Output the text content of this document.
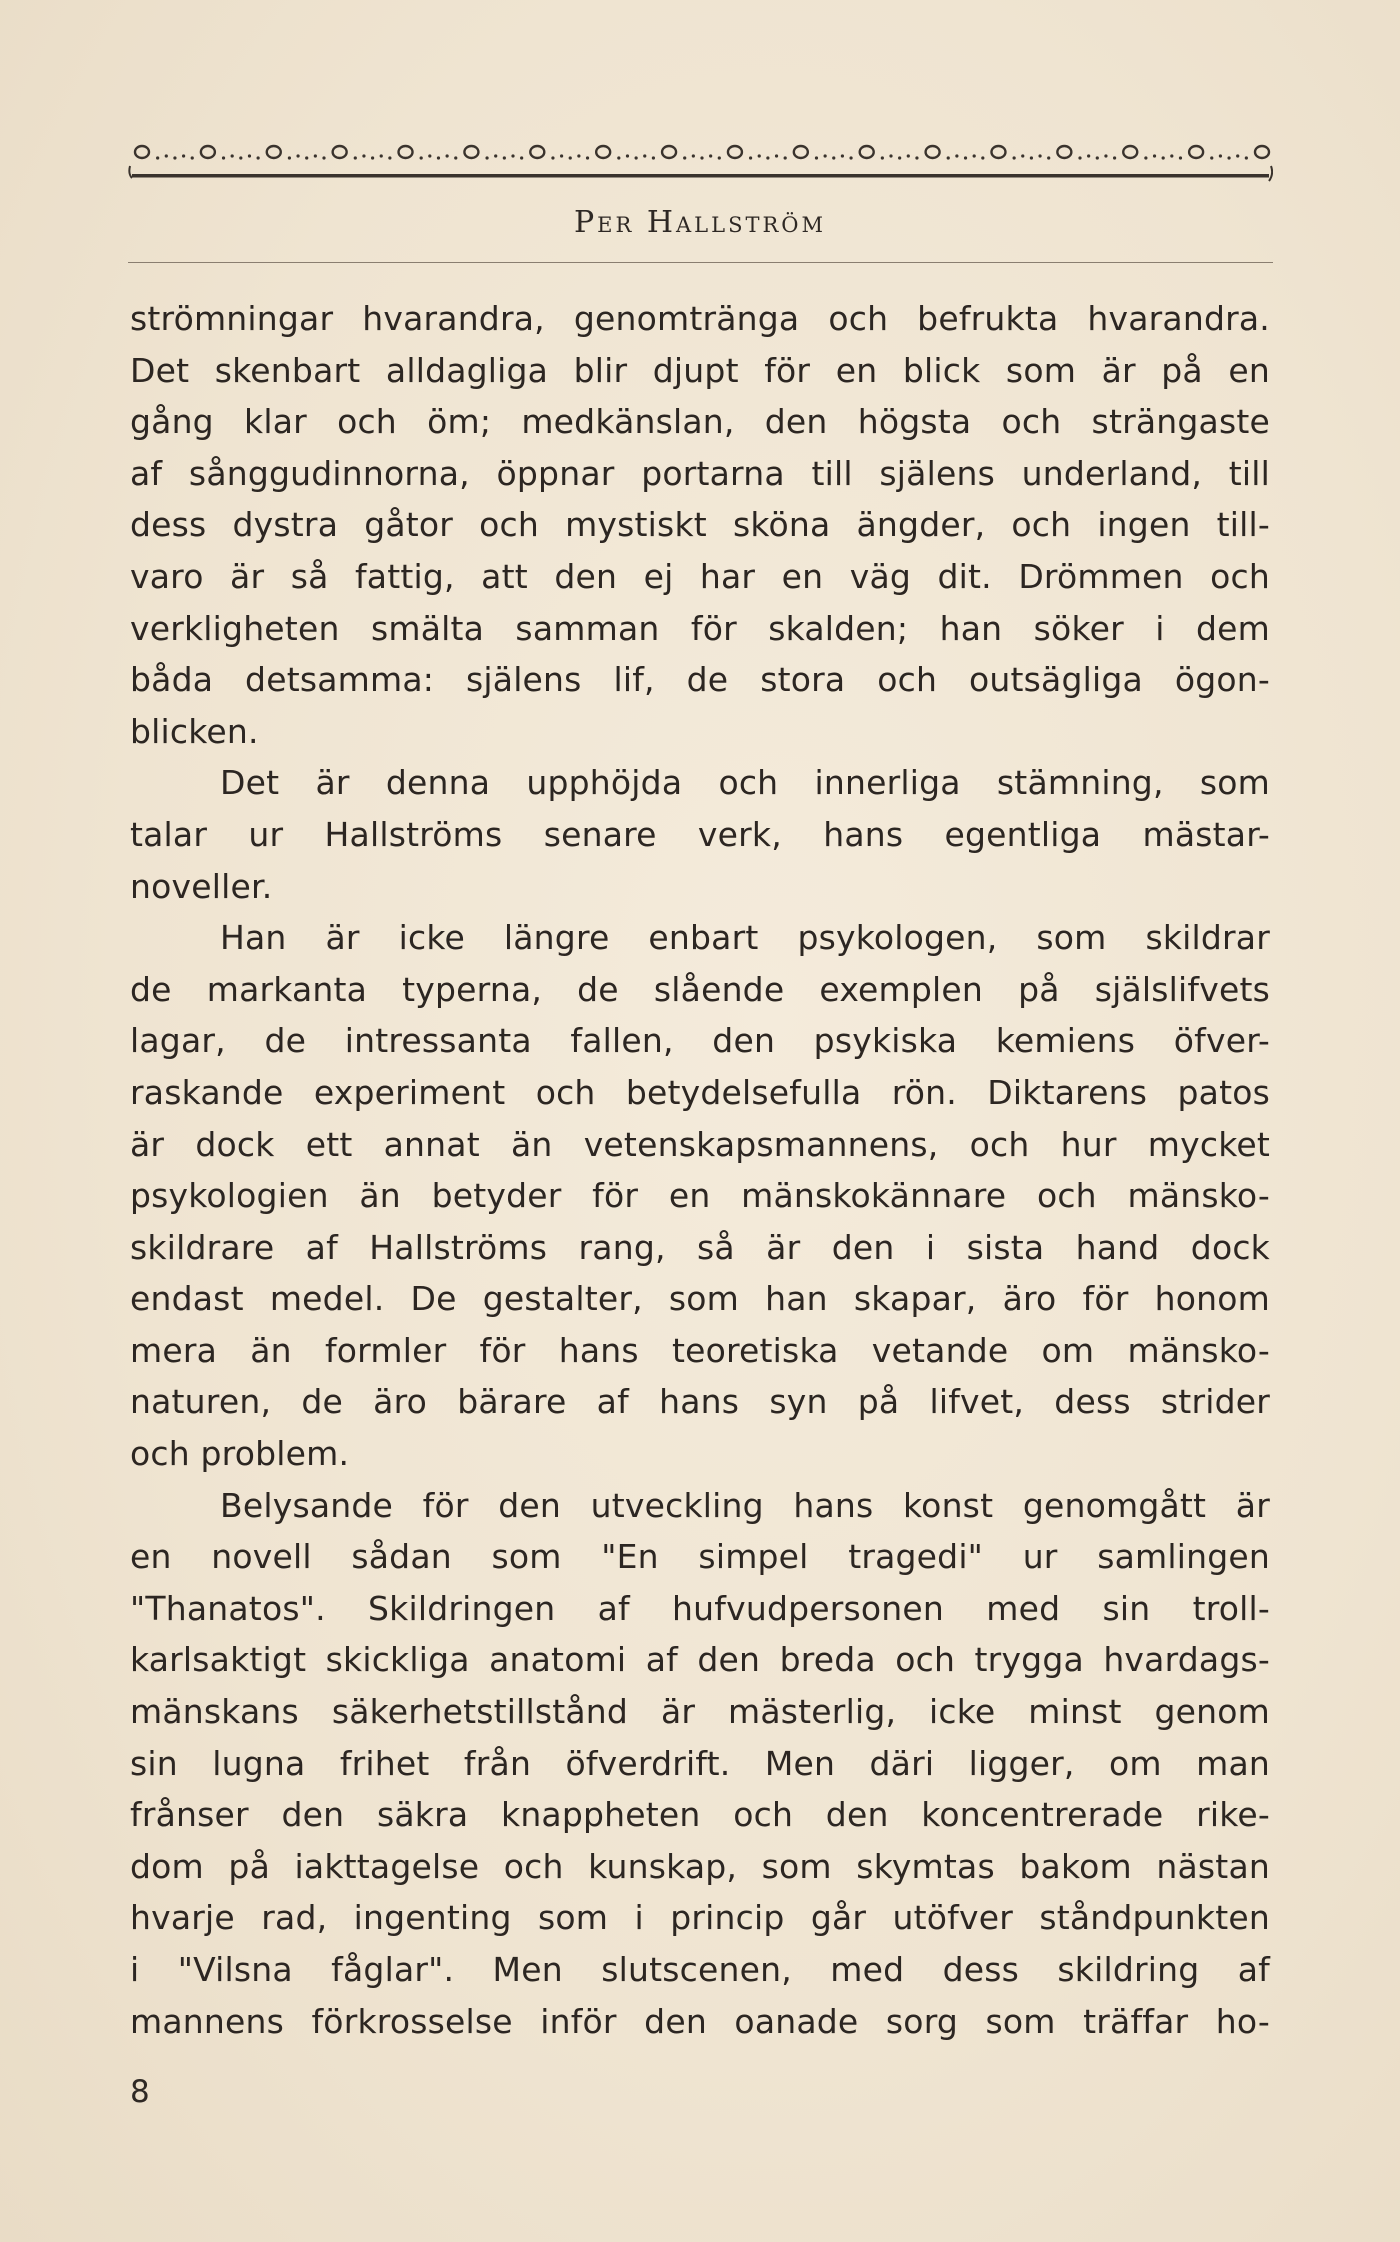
Per Hallström
strömningar hvarandra, genomtränga och befrukta hvarandra.
Det skenbart alldagliga blir djupt för en blick som är på en
gång klar och öm; medkänslan, den högsta och strängaste
af sånggudinnorna, öppnar portarna till själens underland, till
dess dystra gåtor och mystiskt sköna ängder, och ingen till-
varo är så fattig, att den ej har en väg dit. Drömmen och
verkligheten smälta samman för skalden; han söker i dem
båda detsamma: själens lif, de stora och outsägliga ögon-
blicken.
Det är denna upphöjda och innerliga stämning, som
talar ur Hallströms senare verk, hans egentliga mästar-
noveller.
Han är icke längre enbart psykologen, som skildrar
de markanta typerna, de slående exemplen på själslifvets
lagar, de intressanta fallen, den psykiska kemiens öfver-
raskande experiment och betydelsefulla rön. Diktarens patos
är dock ett annat än vetenskapsmannens, och hur mycket
psykologien än betyder för en mänskokännare och mänsko-
skildrare af Hallströms rang, så är den i sista hand dock
endast medel. De gestalter, som han skapar, äro för honom
mera än formler för hans teoretiska vetande om mänsko-
naturen, de äro bärare af hans syn på lifvet, dess strider
och problem.
Belysande för den utveckling hans konst genomgått är
en novell sådan som "En simpel tragedi" ur samlingen
"Thanatos". Skildringen af hufvudpersonen med sin troll-
karlsaktigt skickliga anatomi af den breda och trygga hvardags-
mänskans säkerhetstillstånd är mästerlig, icke minst genom
sin lugna frihet från öfverdrift. Men däri ligger, om man
frånser den säkra knappheten och den koncentrerade rike-
dom på iakttagelse och kunskap, som skymtas bakom nästan
hvarje rad, ingenting som i princip går utöfver ståndpunkten
i "Vilsna fåglar". Men slutscenen, med dess skildring af
mannens förkrosselse inför den oanade sorg som träffar ho-
8
